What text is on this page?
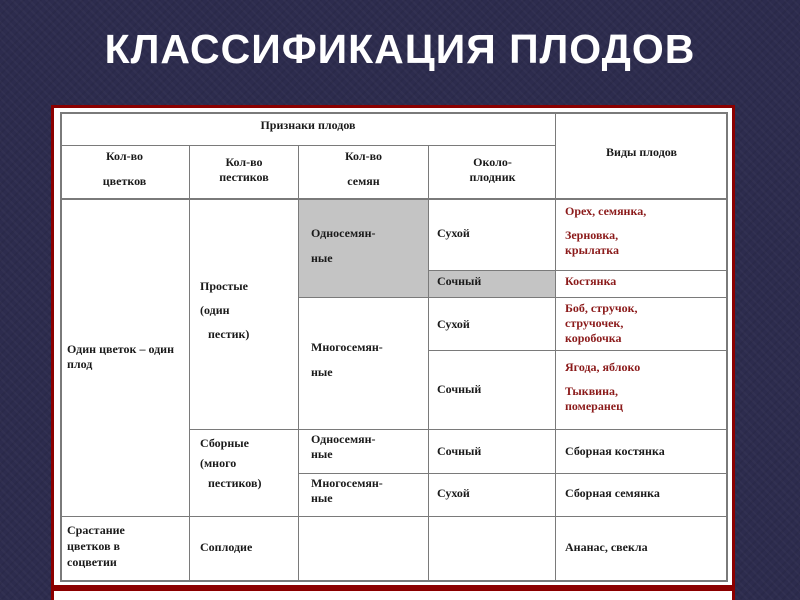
КЛАССИФИКАЦИЯ ПЛОДОВ
Признаки плодов
Виды плодов
Кол-во
цветков
Кол-во
пестиков
Кол-во
семян
Около-
плодник
Один цветок – один плод
Срастание
цветков в
соцветии
Простые
(один
пестик)
Сборные
(много
пестиков)
Соплодие
Односемян-
ные
Многосемян-
ные
Односемян-
ные
Многосемян-
ные
Сухой
Сочный
Сухой
Сочный
Сочный
Сухой
Орех, семянка,
Зерновка,
крылатка
Костянка
Боб, стручок,
стручочек,
коробочка
Ягода, яблоко
Тыквина,
померанец
Сборная костянка
Сборная семянка
Ананас, свекла
